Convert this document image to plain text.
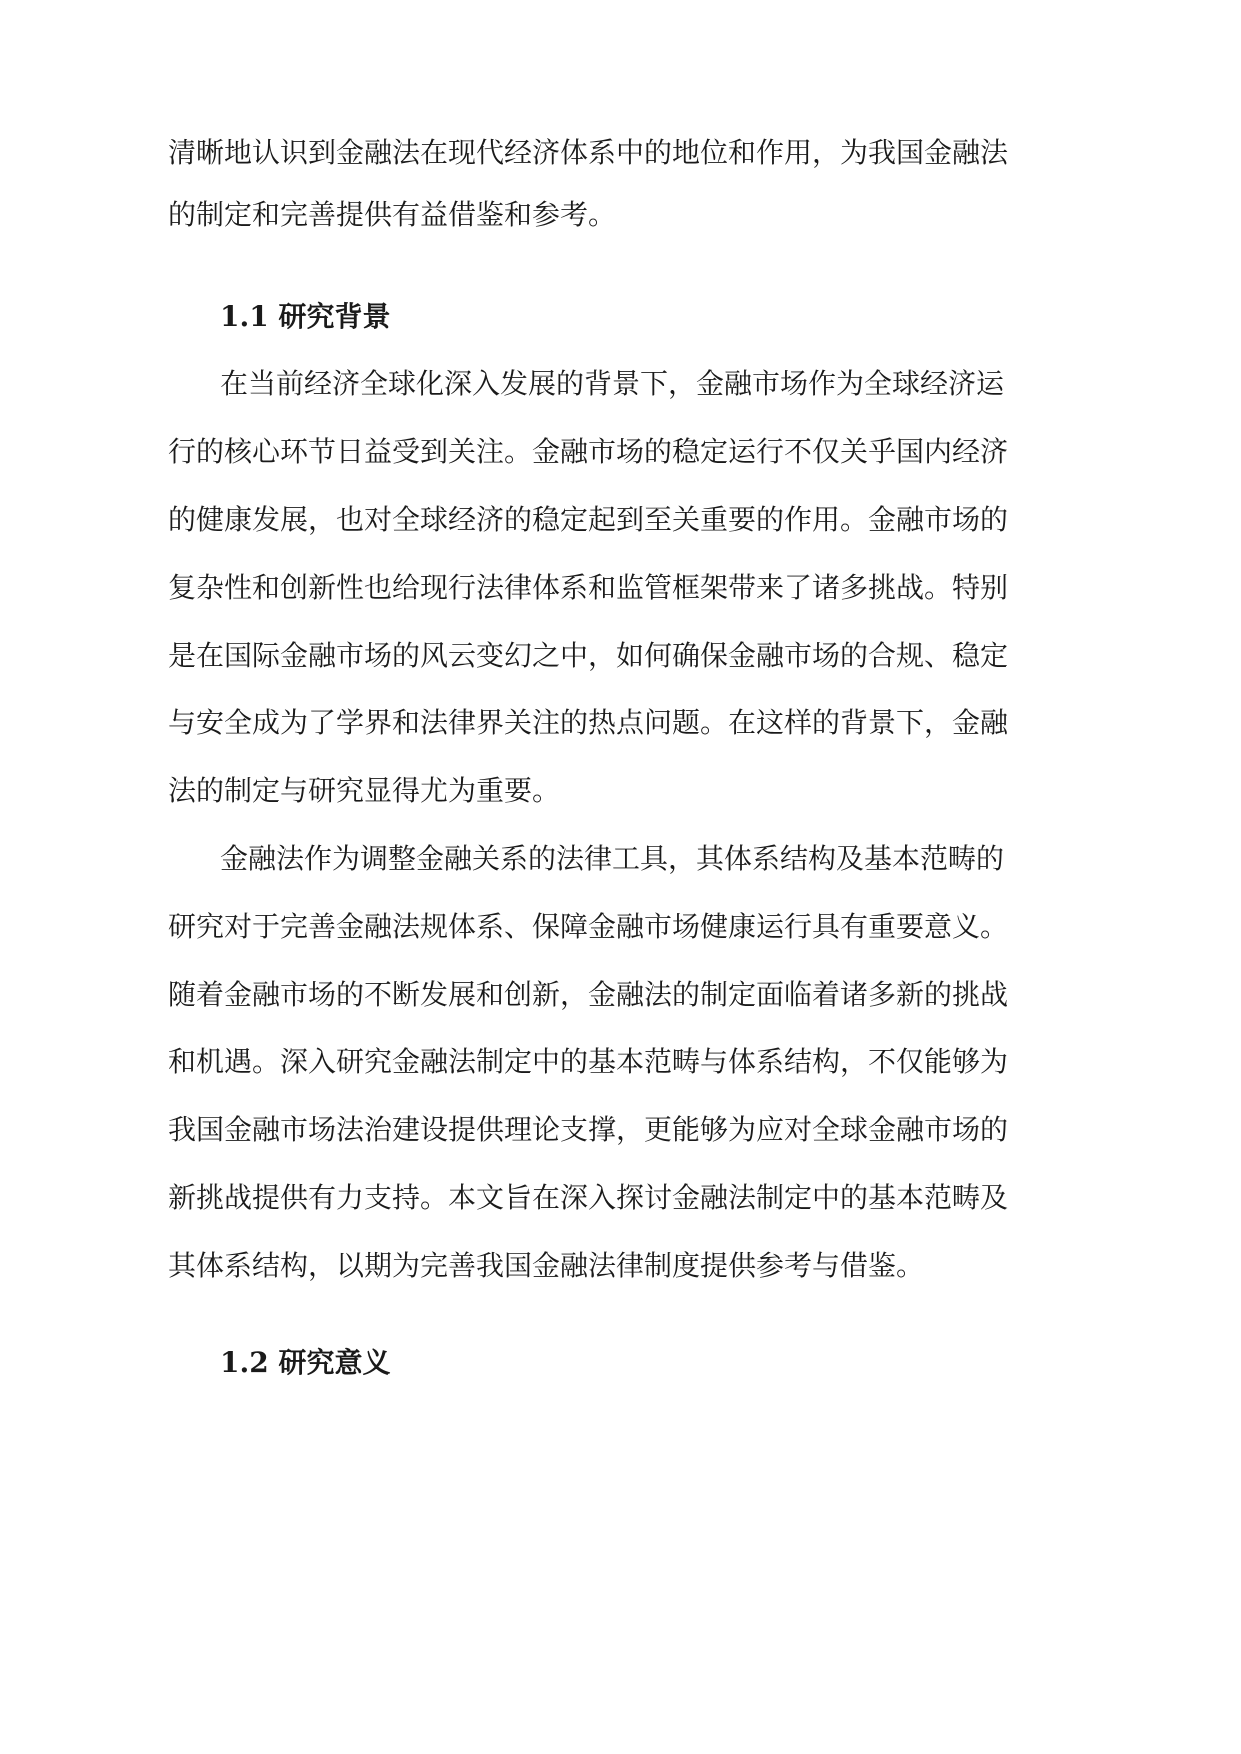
清晰地认识到金融法在现代经济体系中的地位和作用，为我国金融法
的制定和完善提供有益借鉴和参考。
1.1 研究背景
在当前经济全球化深入发展的背景下，金融市场作为全球经济运
行的核心环节日益受到关注。金融市场的稳定运行不仅关乎国内经济
的健康发展，也对全球经济的稳定起到至关重要的作用。金融市场的
复杂性和创新性也给现行法律体系和监管框架带来了诸多挑战。特别
是在国际金融市场的风云变幻之中，如何确保金融市场的合规、稳定
与安全成为了学界和法律界关注的热点问题。在这样的背景下，金融
法的制定与研究显得尤为重要。
金融法作为调整金融关系的法律工具，其体系结构及基本范畴的
研究对于完善金融法规体系、保障金融市场健康运行具有重要意义。
随着金融市场的不断发展和创新，金融法的制定面临着诸多新的挑战
和机遇。深入研究金融法制定中的基本范畴与体系结构，不仅能够为
我国金融市场法治建设提供理论支撑，更能够为应对全球金融市场的
新挑战提供有力支持。本文旨在深入探讨金融法制定中的基本范畴及
其体系结构，以期为完善我国金融法律制度提供参考与借鉴。
1.2 研究意义
